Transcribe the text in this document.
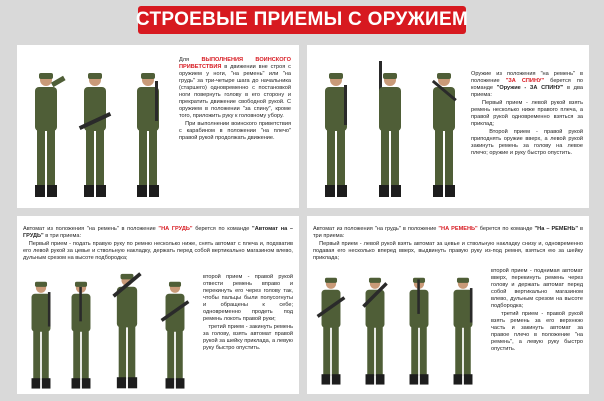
СТРОЕВЫЕ ПРИЕМЫ С ОРУЖИЕМ

Для ВЫПОЛНЕНИЯ ВОИНСКОГО ПРИВЕТСТВИЯ в движении вне строя с оружием у ноги, "на ремень" или "на грудь" за три-четыре шага до начальника (старшего) одновременно с постановкой ноги повернуть голову в его сторону и прекратить движение свободной рукой. С оружием в положении "за спину", кроме того, приложить руку к головному убору.

При выполнении воинского приветствия с карабином в положении "на плечо" правой рукой продолжать движение.

Оружие из положения "на ремень" в положение "ЗА СПИНУ" берется по команде "Оружие - ЗА СПИНУ" в два приема:

Первый прием - левой рукой взять ремень несколько ниже правого плеча, а правой рукой одновременно взяться за приклад;

Второй прием - правой рукой приподнять оружие вверх, а левой рукой закинуть ремень за голову на левое плечо; оружие и руку быстро опустить.

Автомат из положения "на ремень" в положение "НА ГРУДЬ" берется по команде "Автомат на – ГРУДЬ" в три приема:

Первый прием - подать правую руку по ремню несколько ниже, снять автомат с плеча и, подхватив его левой рукой за цевье и ствольную накладку, держать перед собой вертикально магазином влево, дульным срезом на высоте подбородка;

второй прием - правой рукой отвести ремень вправо и перекинуть его через голову так, чтобы пальцы были полусогнуты и обращены к себе; одновременно продеть под ремень локоть правой руки;

третий прием - закинуть ремень за голову, взять автомат правой рукой за шейку приклада, а левую руку быстро опустить.

Автомат из положения "на грудь" в положение "НА РЕМЕНЬ" берется по команде "На – РЕМЕНЬ" в три приема:

Первый прием - левой рукой взять автомат за цевье и ствольную накладку снизу и, одновременно подавая его несколько вперед вверх, выдвинуть правую руку из-под ремня, взяться ею за шейку приклада;

второй прием - поднимая автомат вверх, перекинуть ремень через голову и держать автомат перед собой вертикально магазином влево, дульным срезом на высоте подбородка;

третий прием - правой рукой взять ремень за его верхнюю часть и закинуть автомат за правое плечо в положение "на ремень", а левую руку быстро опустить.
